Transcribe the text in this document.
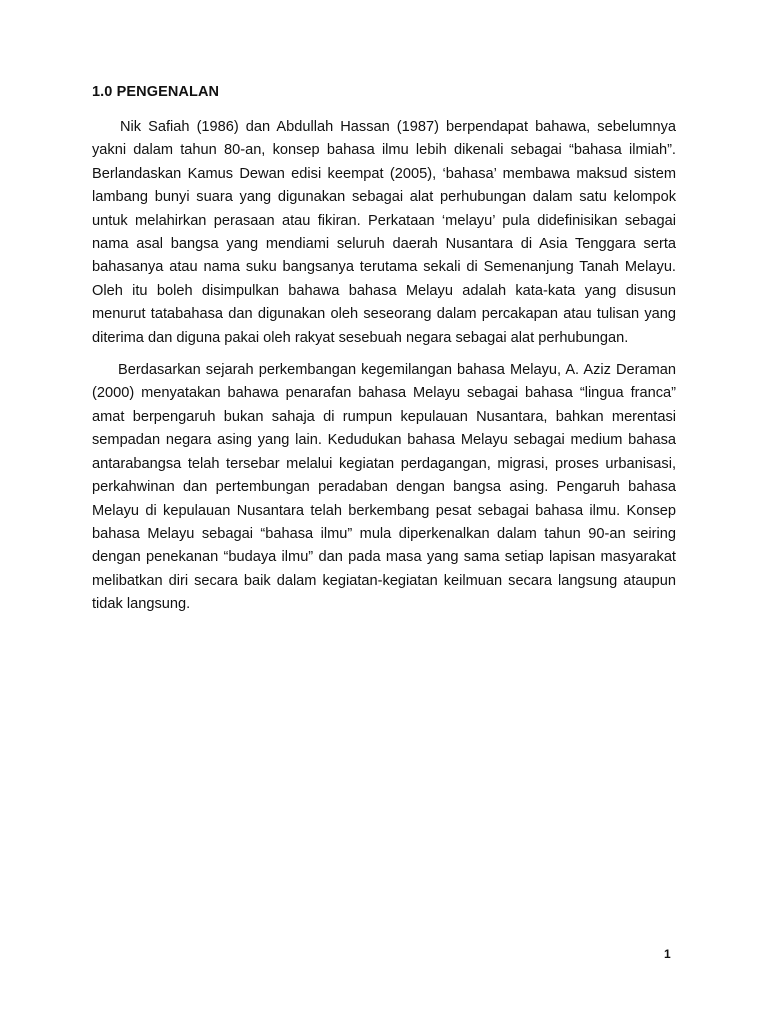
1.0 PENGENALAN

Nik Safiah (1986) dan Abdullah Hassan (1987) berpendapat bahawa, sebelumnya yakni dalam tahun 80-an, konsep bahasa ilmu lebih dikenali sebagai “bahasa ilmiah”. Berlandaskan Kamus Dewan edisi keempat (2005), ‘bahasa’ membawa maksud sistem lambang bunyi suara yang digunakan sebagai alat perhubungan dalam satu kelompok untuk melahirkan perasaan atau fikiran. Perkataan ‘melayu’ pula didefinisikan sebagai nama asal bangsa yang mendiami seluruh daerah Nusantara di Asia Tenggara serta bahasanya atau nama suku bangsanya terutama sekali di Semenanjung Tanah Melayu. Oleh itu boleh disimpulkan bahawa bahasa Melayu adalah kata-kata yang disusun menurut tatabahasa dan digunakan oleh seseorang dalam percakapan atau tulisan yang diterima dan diguna pakai oleh rakyat sesebuah negara sebagai alat perhubungan.

Berdasarkan sejarah perkembangan kegemilangan bahasa Melayu, A. Aziz Deraman (2000) menyatakan bahawa penarafan bahasa Melayu sebagai bahasa “lingua franca” amat berpengaruh bukan sahaja di rumpun kepulauan Nusantara, bahkan merentasi sempadan negara asing yang lain. Kedudukan bahasa Melayu sebagai medium bahasa antarabangsa telah tersebar melalui kegiatan perdagangan, migrasi, proses urbanisasi, perkahwinan dan pertembungan peradaban dengan bangsa asing. Pengaruh bahasa Melayu di kepulauan Nusantara telah berkembang pesat sebagai bahasa ilmu. Konsep bahasa Melayu sebagai “bahasa ilmu” mula diperkenalkan dalam tahun 90-an seiring dengan penekanan “budaya ilmu” dan pada masa yang sama setiap lapisan masyarakat melibatkan diri secara baik dalam kegiatan-kegiatan keilmuan secara langsung ataupun tidak langsung.

1
